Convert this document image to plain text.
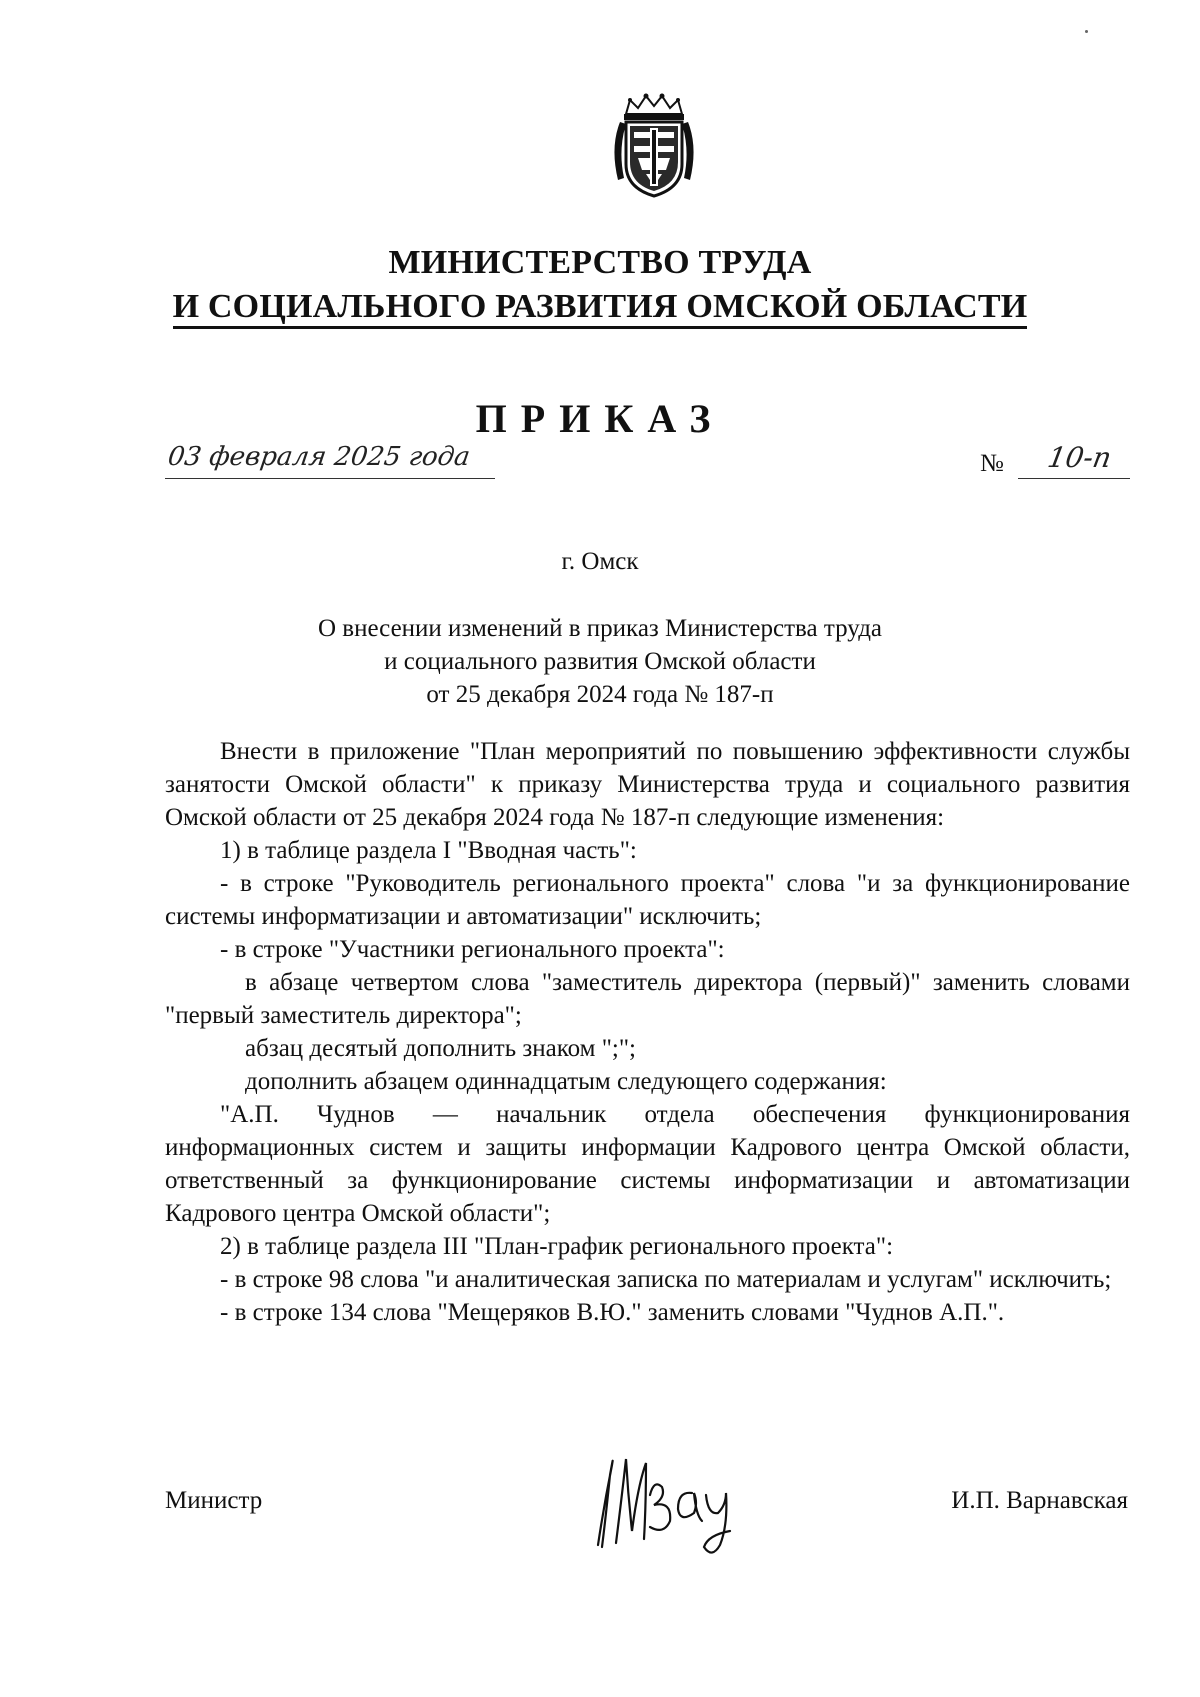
МИНИСТЕРСТВО ТРУДА
И СОЦИАЛЬНОГО РАЗВИТИЯ ОМСКОЙ ОБЛАСТИ
ПРИКАЗ
03 февраля 2025 года	№ 10-п
г. Омск
О внесении изменений в приказ Министерства труда
и социального развития Омской области
от 25 декабря 2024 года № 187-п

Внести в приложение "План мероприятий по повышению эффективности службы занятости Омской области" к приказу Министерства труда и социального развития Омской области от 25 декабря 2024 года № 187-п следующие изменения:

1) в таблице раздела I "Вводная часть":

- в строке "Руководитель регионального проекта" слова "и за функционирование системы информатизации и автоматизации" исключить;

- в строке "Участники регионального проекта":

в абзаце четвертом слова "заместитель директора (первый)" заменить словами "первый заместитель директора";

абзац десятый дополнить знаком ";";

дополнить абзацем одиннадцатым следующего содержания:

"А.П. Чуднов — начальник отдела обеспечения функционирования информационных систем и защиты информации Кадрового центра Омской области, ответственный за функционирование системы информатизации и автоматизации Кадрового центра Омской области";

2) в таблице раздела III "План-график регионального проекта":

- в строке 98 слова "и аналитическая записка по материалам и услугам" исключить;

- в строке 134 слова "Мещеряков В.Ю." заменить словами "Чуднов А.П.".

Министр	И.П. Варнавская
